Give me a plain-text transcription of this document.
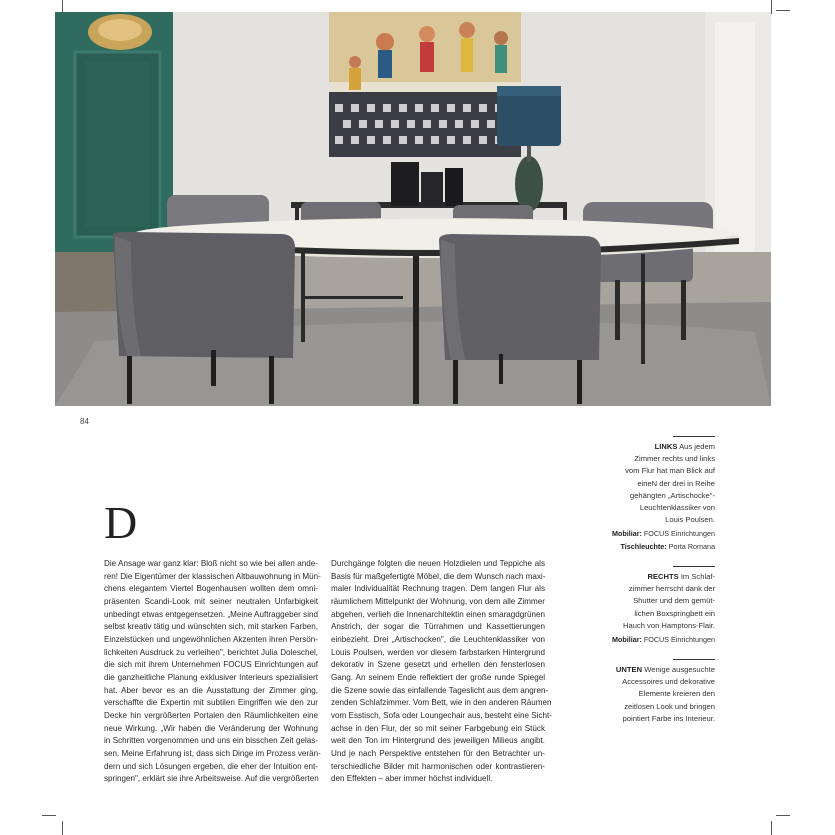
84
D
Die Ansage war ganz klar: Bloß nicht so wie bei allen ande-
ren! Die Eigentümer der klassischen Altbauwohnung in Mün-
chens elegantem Viertel Bogenhausen wollten dem omni-
präsenten Scandi-Look mit seiner neutralen Unfarbigkeit
unbedingt etwas entgegensetzen. „Meine Auftraggeber sind
selbst kreativ tätig und wünschten sich, mit starken Farben,
Einzelstücken und ungewöhnlichen Akzenten ihren Persön-
lichkeiten Ausdruck zu verleihen", berichtet Julia Doleschel,
die sich mit ihrem Unternehmen FOCUS Einrichtungen auf
die ganzheitliche Planung exklusiver Interieurs spezialisiert
hat. Aber bevor es an die Ausstattung der Zimmer ging,
verschaffte die Expertin mit subtilen Eingriffen wie den zur
Decke hin vergrößerten Portalen den Räumlichkeiten eine
neue Wirkung. „Wir haben die Veränderung der Wohnung
in Schritten vorgenommen und uns ein bisschen Zeit gelas-
sen. Meine Erfahrung ist, dass sich Dinge im Prozess verän-
dern und sich Lösungen ergeben, die eher der Intuition ent-
springen", erklärt sie ihre Arbeitsweise. Auf die vergrößerten
Durchgänge folgten die neuen Holzdielen und Teppiche als
Basis für maßgefertigte Möbel, die dem Wunsch nach maxi-
maler Individualität Rechnung tragen. Dem langen Flur als
räumlichem Mittelpunkt der Wohnung, von dem alle Zimmer
abgehen, verlieh die Innenarchitektin einen smaragdgrünen
Anstrich, der sogar die Türrahmen und Kassettierungen
einbezieht. Drei „Artischocken", die Leuchtenklassiker von
Louis Poulsen, werden vor diesem farbstarken Hintergrund
dekorativ in Szene gesetzt und erhellen den fensterlosen
Gang. An seinem Ende reflektiert der große runde Spiegel
die Szene sowie das einfallende Tageslicht aus dem angren-
zenden Schlafzimmer. Vom Bett, wie in den anderen Räumen
vom Esstisch, Sofa oder Loungechair aus, besteht eine Sicht-
achse in den Flur, der so mit seiner Farbgebung ein Stück
weit den Ton im Hintergrund des jeweiligen Milieus angibt.
Und je nach Perspektive entstehen für den Betrachter un-
terschiedliche Bilder mit harmonischen oder kontrastieren-
den Effekten – aber immer höchst individuell.
LINKS Aus jedem
Zimmer rechts und links
vom Flur hat man Blick auf
eineN der drei in Reihe
gehängten „Artischocke"-
Leuchtenklassiker von
Louis Poulsen.
Mobiliar: FOCUS Einrichtungen
Tischleuchte: Porta Romana
RECHTS Im Schlaf-
zimmer herrscht dank der
Shutter und dem gemüt-
lichen Boxspringbett ein
Hauch von Hamptons-Flair.
Mobiliar: FOCUS Einrichtungen
UNTEN Wenige ausgesuchte
Accessoires und dekorative
Elemente kreieren den
zeitlosen Look und bringen
pointiert Farbe ins Interieur.
